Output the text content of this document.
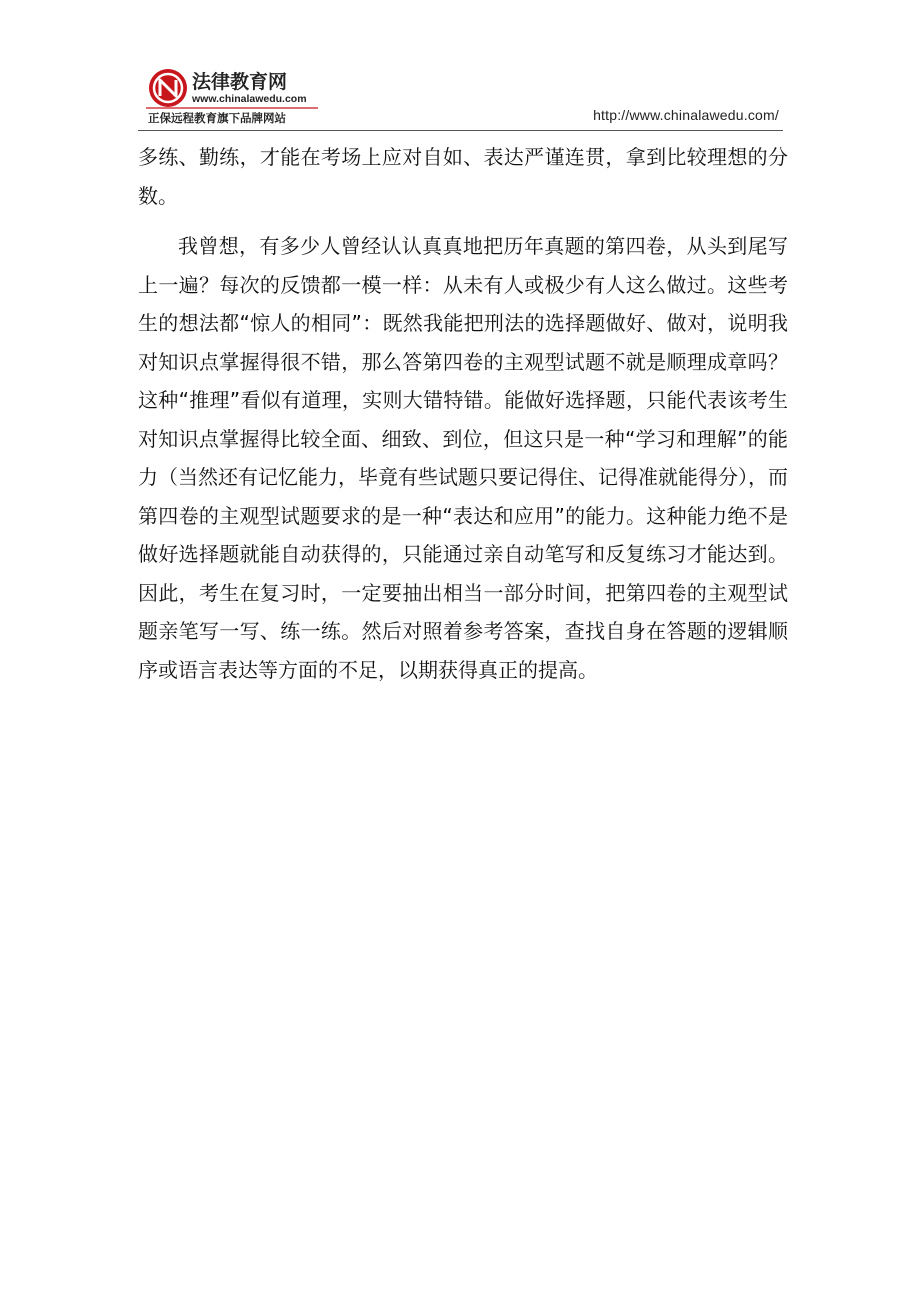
法律教育网
www.chinalawedu.com
正保远程教育旗下品牌网站	http://www.chinalawedu.com/

多练、勤练，才能在考场上应对自如、表达严谨连贯，拿到比较理想的分数。

我曾想，有多少人曾经认认真真地把历年真题的第四卷，从头到尾写上一遍？每次的反馈都一模一样：从未有人或极少有人这么做过。这些考生的想法都“惊人的相同”：既然我能把刑法的选择题做好、做对，说明我对知识点掌握得很不错，那么答第四卷的主观型试题不就是顺理成章吗？这种“推理”看似有道理，实则大错特错。能做好选择题，只能代表该考生对知识点掌握得比较全面、细致、到位，但这只是一种“学习和理解”的能力（当然还有记忆能力，毕竟有些试题只要记得住、记得准就能得分），而第四卷的主观型试题要求的是一种“表达和应用”的能力。这种能力绝不是做好选择题就能自动获得的，只能通过亲自动笔写和反复练习才能达到。因此，考生在复习时，一定要抽出相当一部分时间，把第四卷的主观型试题亲笔写一写、练一练。然后对照着参考答案，查找自身在答题的逻辑顺序或语言表达等方面的不足，以期获得真正的提高。

www.zixin.com.cn
